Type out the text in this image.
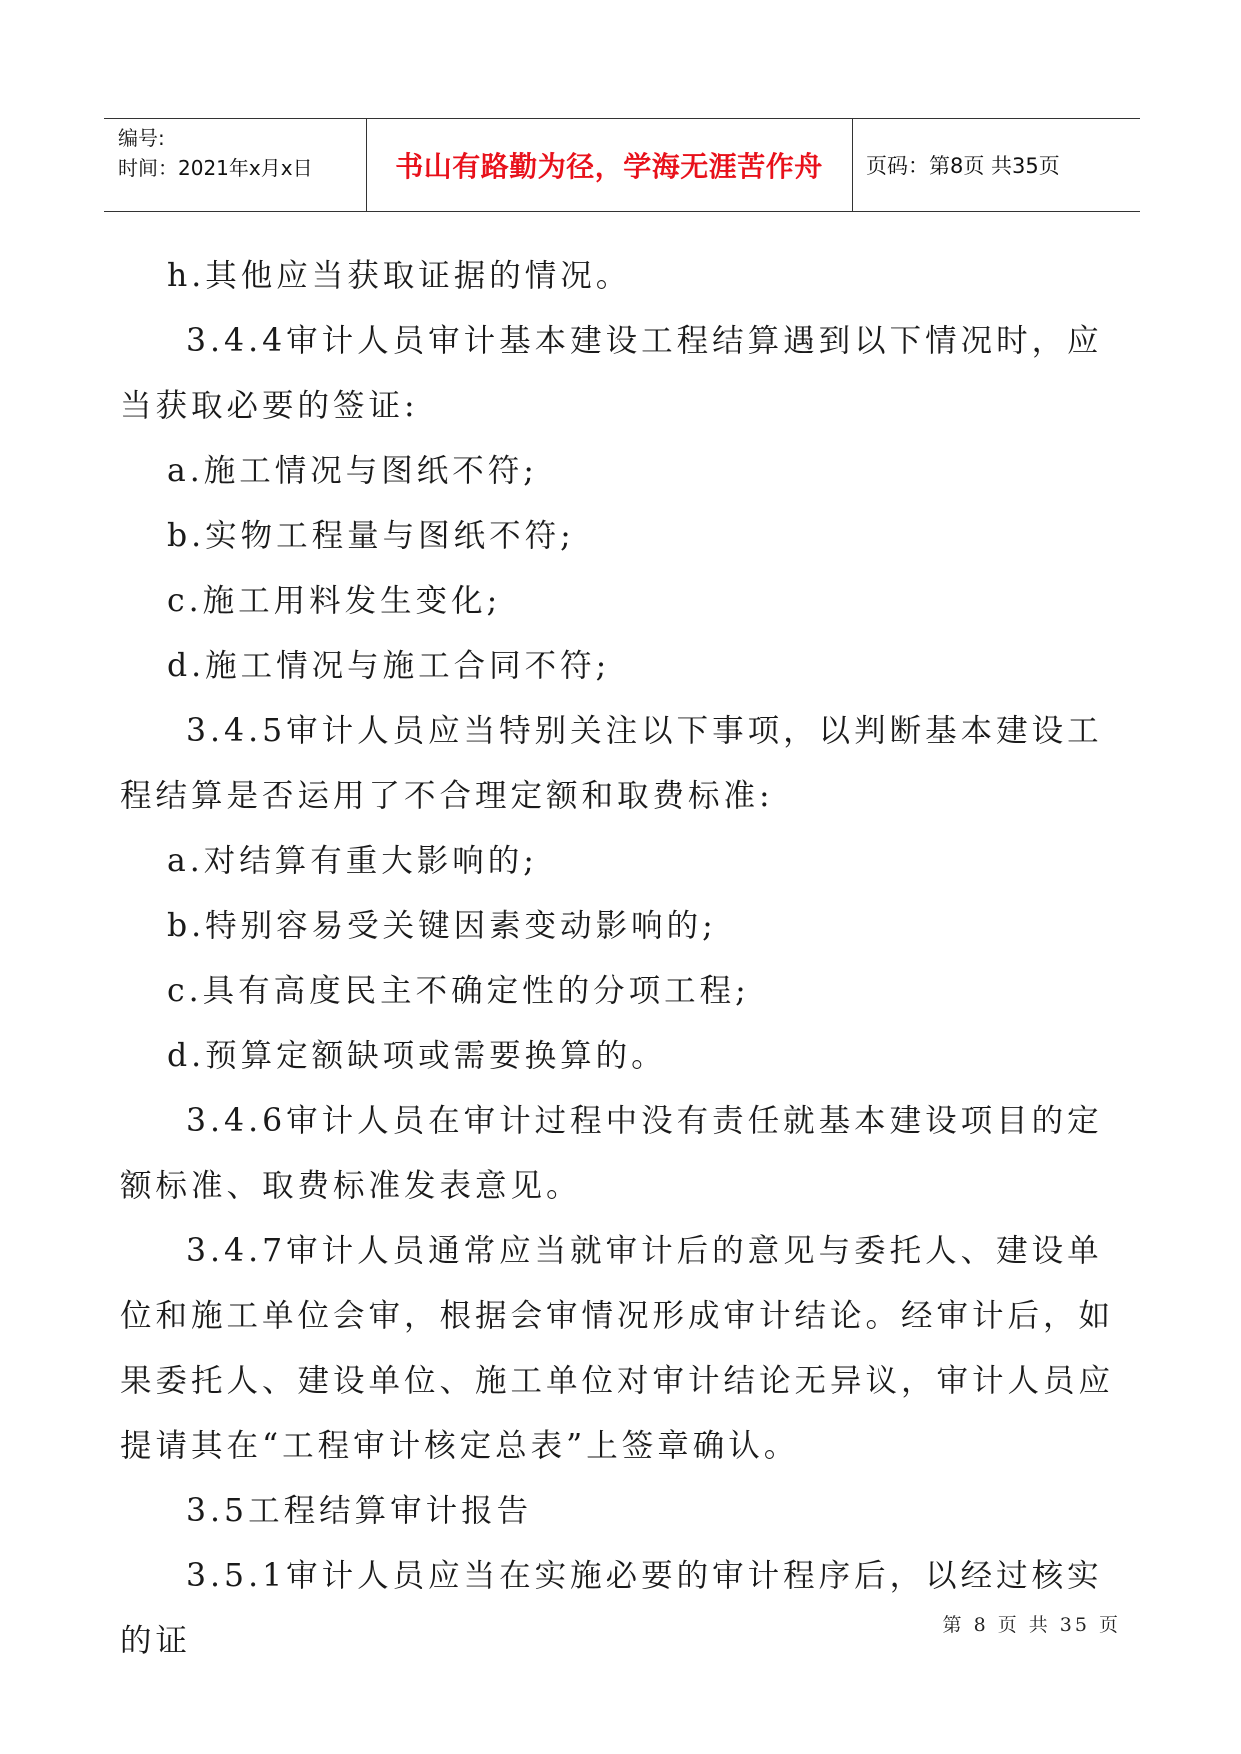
编号:
时间：2021年x月x日	书山有路勤为径，学海无涯苦作舟	页码：第8页 共35页

h.其他应当获取证据的情况。

3.4.4审计人员审计基本建设工程结算遇到以下情况时，应当获取必要的签证:

a.施工情况与图纸不符;

b.实物工程量与图纸不符;

c.施工用料发生变化;

d.施工情况与施工合同不符;

3.4.5审计人员应当特别关注以下事项，以判断基本建设工程结算是否运用了不合理定额和取费标准:

a.对结算有重大影响的;

b.特别容易受关键因素变动影响的;

c.具有高度民主不确定性的分项工程;

d.预算定额缺项或需要换算的。

3.4.6审计人员在审计过程中没有责任就基本建设项目的定额标准、取费标准发表意见。

3.4.7审计人员通常应当就审计后的意见与委托人、建设单位和施工单位会审，根据会审情况形成审计结论。经审计后，如果委托人、建设单位、施工单位对审计结论无异议，审计人员应提请其在“工程审计核定总表”上签章确认。

3.5工程结算审计报告

3.5.1审计人员应当在实施必要的审计程序后，以经过核实的证	第 8 页 共 35 页
